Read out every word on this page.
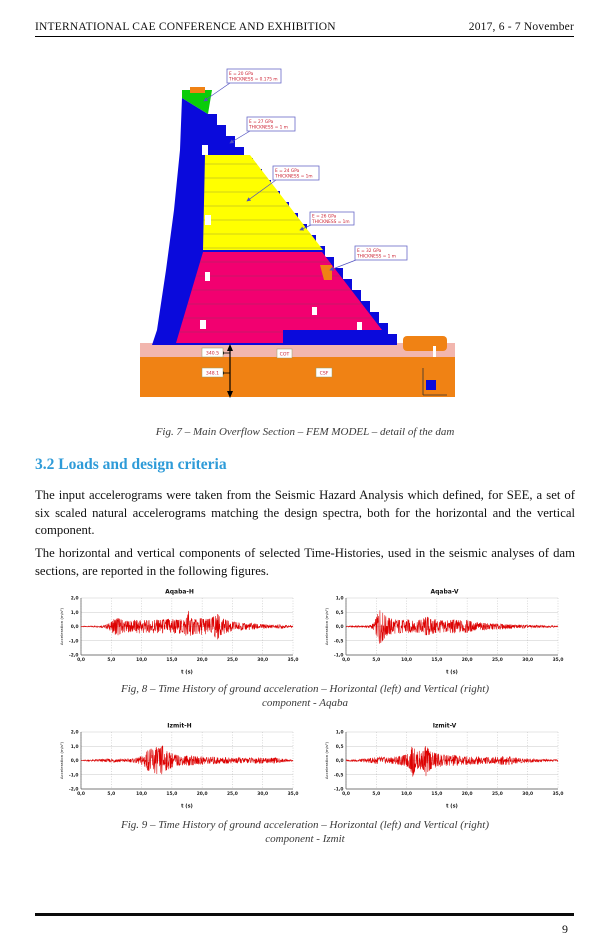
INTERNATIONAL CAE CONFERENCE AND EXHIBITION	2017, 6 - 7 November
340.5	COT
348.1	CSF
E = 20 GPa
THICKNESS = 0.175 m
E = 27 GPa
THICKNESS = 1 m
E = 24 GPa
THICKNESS = 1m
E = 26 GPa
THICKNESS = 1m
E = 32 GPa
THICKNESS = 1 m
Fig. 7 – Main Overflow Section – FEM MODEL – detail of the dam
3.2 Loads and design criteria

The input accelerograms were taken from the Seismic Hazard Analysis which defined, for SEE, a set of six scaled natural accelerograms matching the design spectra, both for the horizontal and the vertical component.

The horizontal and vertical components of selected Time-Histories, used in the seismic analyses of dam sections, are reported in the following figures.

0,0	5,0	10,0	15,0	20,0	25,0	30,0	35,0
2,0
1,0
0,0
-1,0
-2,0
t (s)
Acceleration (m/s²)
Aqaba-H
0,0	5,0	10,0	15,0	20,0	25,0	30,0	35,0
1,0
0,5
0,0
-0,5
-1,0
t (s)
Acceleration (m/s²)
Aqaba-V
Fig, 8 – Time History of ground acceleration – Horizontal (left) and Vertical (right)
component - Aqaba
0,0	5,0	10,0	15,0	20,0	25,0	30,0	35,0
2,0
1,0
0,0
-1,0
-2,0
t (s)
Acceleration (m/s²)
Izmit-H
0,0	5,0	10,0	15,0	20,0	25,0	30,0	35,0
1,0
0,5
0,0
-0,5
-1,0
t (s)
Acceleration (m/s²)
Izmit-V
Fig. 9 – Time History of ground acceleration – Horizontal (left) and Vertical (right)
component - Izmit
9
